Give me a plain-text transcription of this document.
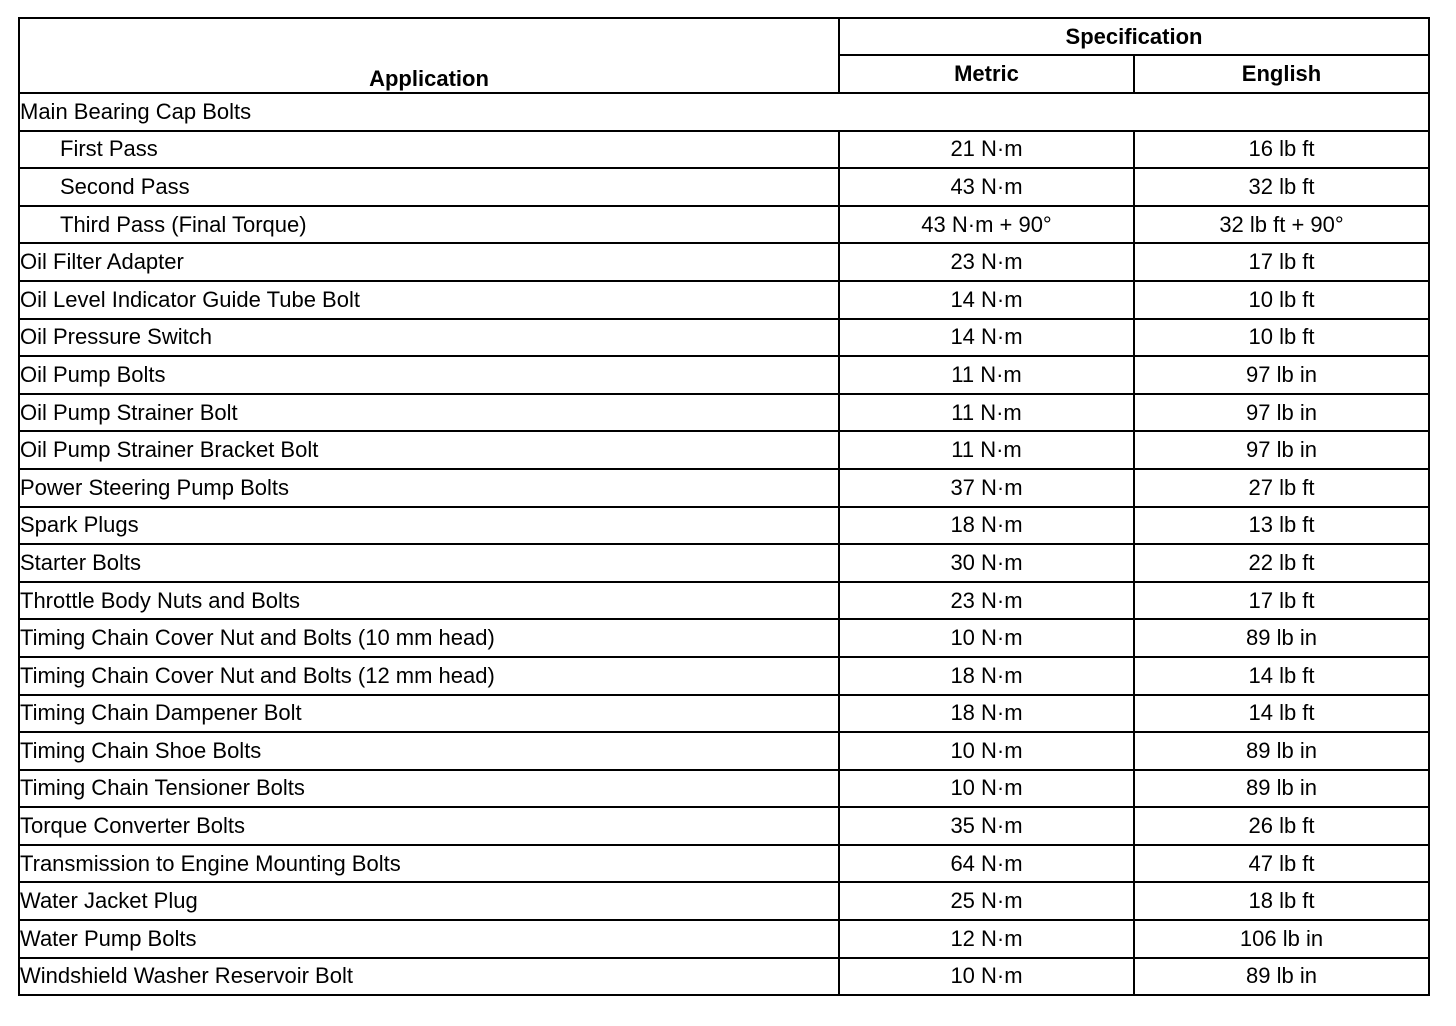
Application	Specification	
	Metric	English
Main Bearing Cap Bolts		
First Pass	21 N·m	16 lb ft
Second Pass	43 N·m	32 lb ft
Third Pass (Final Torque)	43 N·m + 90°	32 lb ft + 90°
Oil Filter Adapter	23 N·m	17 lb ft
Oil Level Indicator Guide Tube Bolt	14 N·m	10 lb ft
Oil Pressure Switch	14 N·m	10 lb ft
Oil Pump Bolts	11 N·m	97 lb in
Oil Pump Strainer Bolt	11 N·m	97 lb in
Oil Pump Strainer Bracket Bolt	11 N·m	97 lb in
Power Steering Pump Bolts	37 N·m	27 lb ft
Spark Plugs	18 N·m	13 lb ft
Starter Bolts	30 N·m	22 lb ft
Throttle Body Nuts and Bolts	23 N·m	17 lb ft
Timing Chain Cover Nut and Bolts (10 mm head)	10 N·m	89 lb in
Timing Chain Cover Nut and Bolts (12 mm head)	18 N·m	14 lb ft
Timing Chain Dampener Bolt	18 N·m	14 lb ft
Timing Chain Shoe Bolts	10 N·m	89 lb in
Timing Chain Tensioner Bolts	10 N·m	89 lb in
Torque Converter Bolts	35 N·m	26 lb ft
Transmission to Engine Mounting Bolts	64 N·m	47 lb ft
Water Jacket Plug	25 N·m	18 lb ft
Water Pump Bolts	12 N·m	106 lb in
Windshield Washer Reservoir Bolt	10 N·m	89 lb in
